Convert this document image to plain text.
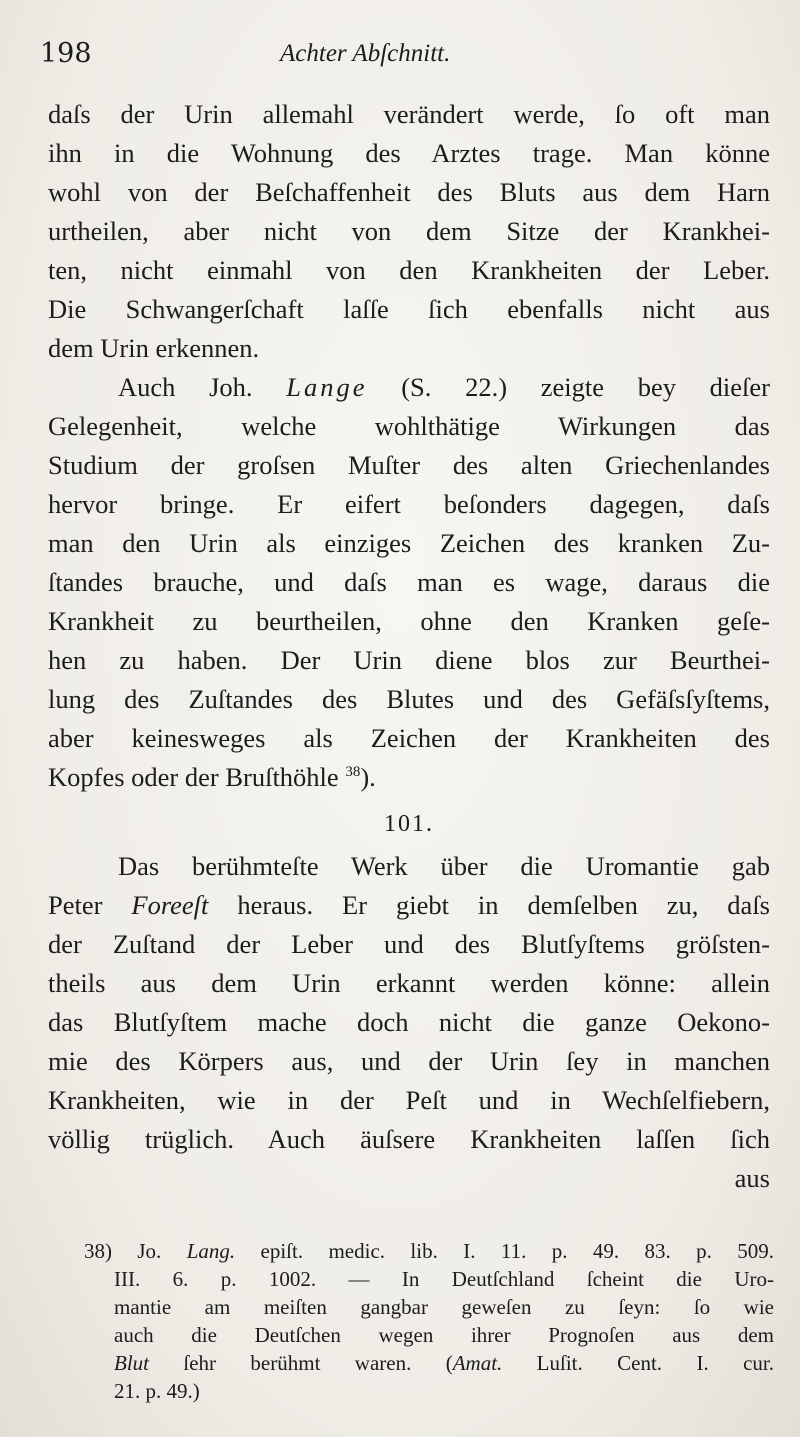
198	Achter Abſchnitt.
daſs der Urin allemahl verändert werde, ſo oft man
ihn in die Wohnung des Arztes trage. Man könne
wohl von der Beſchaffenheit des Bluts aus dem Harn
urtheilen, aber nicht von dem Sitze der Krankhei-
ten, nicht einmahl von den Krankheiten der Leber.
Die Schwangerſchaft laſſe ſich ebenfalls nicht aus
dem Urin erkennen.
Auch Joh. Lange (S. 22.) zeigte bey dieſer
Gelegenheit, welche wohlthätige Wirkungen das
Studium der groſsen Muſter des alten Griechenlandes
hervor bringe. Er eifert beſonders dagegen, daſs
man den Urin als einziges Zeichen des kranken Zu-
ſtandes brauche, und daſs man es wage, daraus die
Krankheit zu beurtheilen, ohne den Kranken geſe-
hen zu haben. Der Urin diene blos zur Beurthei-
lung des Zuſtandes des Blutes und des Gefäſsſyſtems,
aber keinesweges als Zeichen der Krankheiten des
Kopfes oder der Bruſthöhle $^{38}$).
101.
Das berühmteſte Werk über die Uromantie gab
Peter Foreeſt heraus. Er giebt in demſelben zu, daſs
der Zuſtand der Leber und des Blutſyſtems gröſsten-
theils aus dem Urin erkannt werden könne: allein
das Blutſyſtem mache doch nicht die ganze Oekono-
mie des Körpers aus, und der Urin ſey in manchen
Krankheiten, wie in der Peſt und in Wechſelfiebern,
völlig trüglich. Auch äuſsere Krankheiten laſſen ſich
aus
38) Jo. Lang. epiſt. medic. lib. I. 11. p. 49. 83. p. 509.
III. 6. p. 1002. — In Deutſchland ſcheint die Uro-
mantie am meiſten gangbar geweſen zu ſeyn: ſo wie
auch die Deutſchen wegen ihrer Prognoſen aus dem
Blut ſehr berühmt waren. (Amat. Luſit. Cent. I. cur.
21. p. 49.)
